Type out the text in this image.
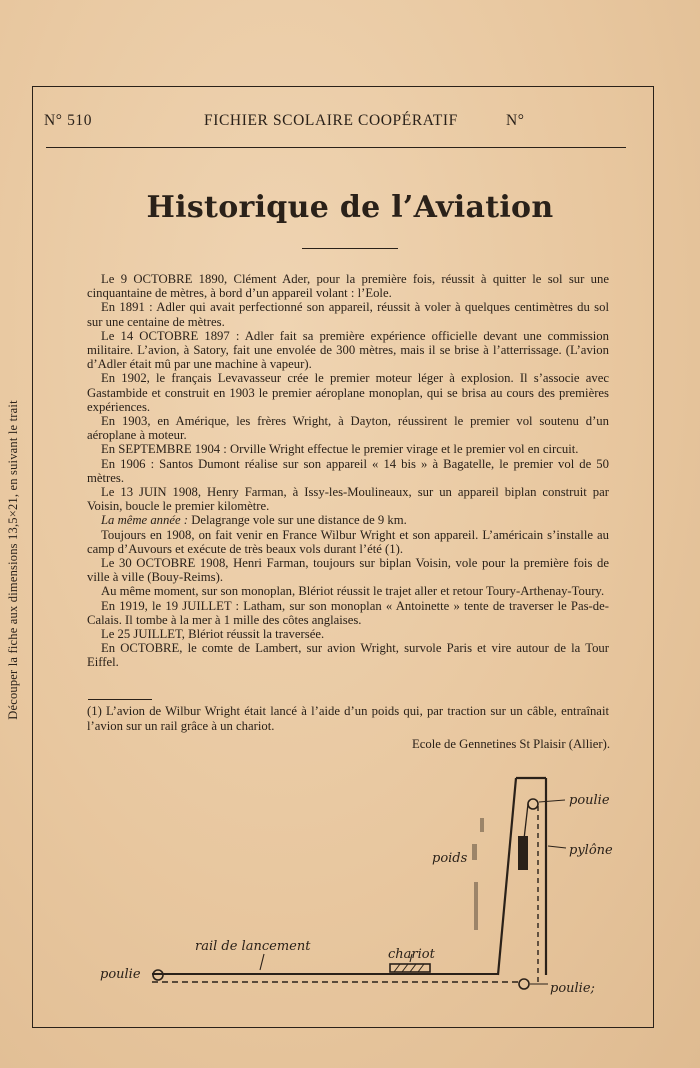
Découper la fiche aux dimensions 13,5×21, en suivant le trait
N° 510	FICHIER SCOLAIRE COOPÉRATIF	N°
Historique de l’Aviation

Le 9 OCTOBRE 1890, Clément Ader, pour la première fois, réussit à quitter le sol sur une cinquantaine de mètres, à bord d’un appareil volant : l’Eole.

En 1891 : Adler qui avait perfectionné son appareil, réussit à voler à quelques centimètres du sol sur une centaine de mètres.

Le 14 OCTOBRE 1897 : Adler fait sa première expérience officielle devant une commission militaire. L’avion, à Satory, fait une envolée de 300 mètres, mais il se brise à l’atterrissage. (L’avion d’Adler était mû par une machine à vapeur).

En 1902, le français Levavasseur crée le premier moteur léger à explosion. Il s’associe avec Gastambide et construit en 1903 le premier aéroplane monoplan, qui se brisa au cours des premières expériences.

En 1903, en Amérique, les frères Wright, à Dayton, réussirent le premier vol soutenu d’un aéroplane à moteur.

En SEPTEMBRE 1904 : Orville Wright effectue le premier virage et le premier vol en circuit.

En 1906 : Santos Dumont réalise sur son appareil « 14 bis » à Bagatelle, le premier vol de 50 mètres.

Le 13 JUIN 1908, Henry Farman, à Issy-les-Moulineaux, sur un appareil biplan construit par Voisin, boucle le premier kilomètre.

La même année : Delagrange vole sur une distance de 9 km.

Toujours en 1908, on fait venir en France Wilbur Wright et son appareil. L’américain s’installe au camp d’Auvours et exécute de très beaux vols durant l’été (1).

Le 30 OCTOBRE 1908, Henri Farman, toujours sur biplan Voisin, vole pour la première fois de ville à ville (Bouy-Reims).

Au même moment, sur son monoplan, Blériot réussit le trajet aller et retour Toury-Arthenay-Toury.

En 1919, le 19 JUILLET : Latham, sur son monoplan « Antoinette » tente de traverser le Pas-de-Calais. Il tombe à la mer à 1 mille des côtes anglaises.

Le 25 JUILLET, Blériot réussit la traversée.

En OCTOBRE, le comte de Lambert, sur avion Wright, survole Paris et vire autour de la Tour Eiffel.

(1) L’avion de Wilbur Wright était lancé à l’aide d’un poids qui, par traction sur un câble, entraînait l’avion sur un rail grâce à un chariot.

Ecole de Gennetines St Plaisir (Allier).
poulie
pylône
poids
rail de lancement
chariot
poulie
poulie;
